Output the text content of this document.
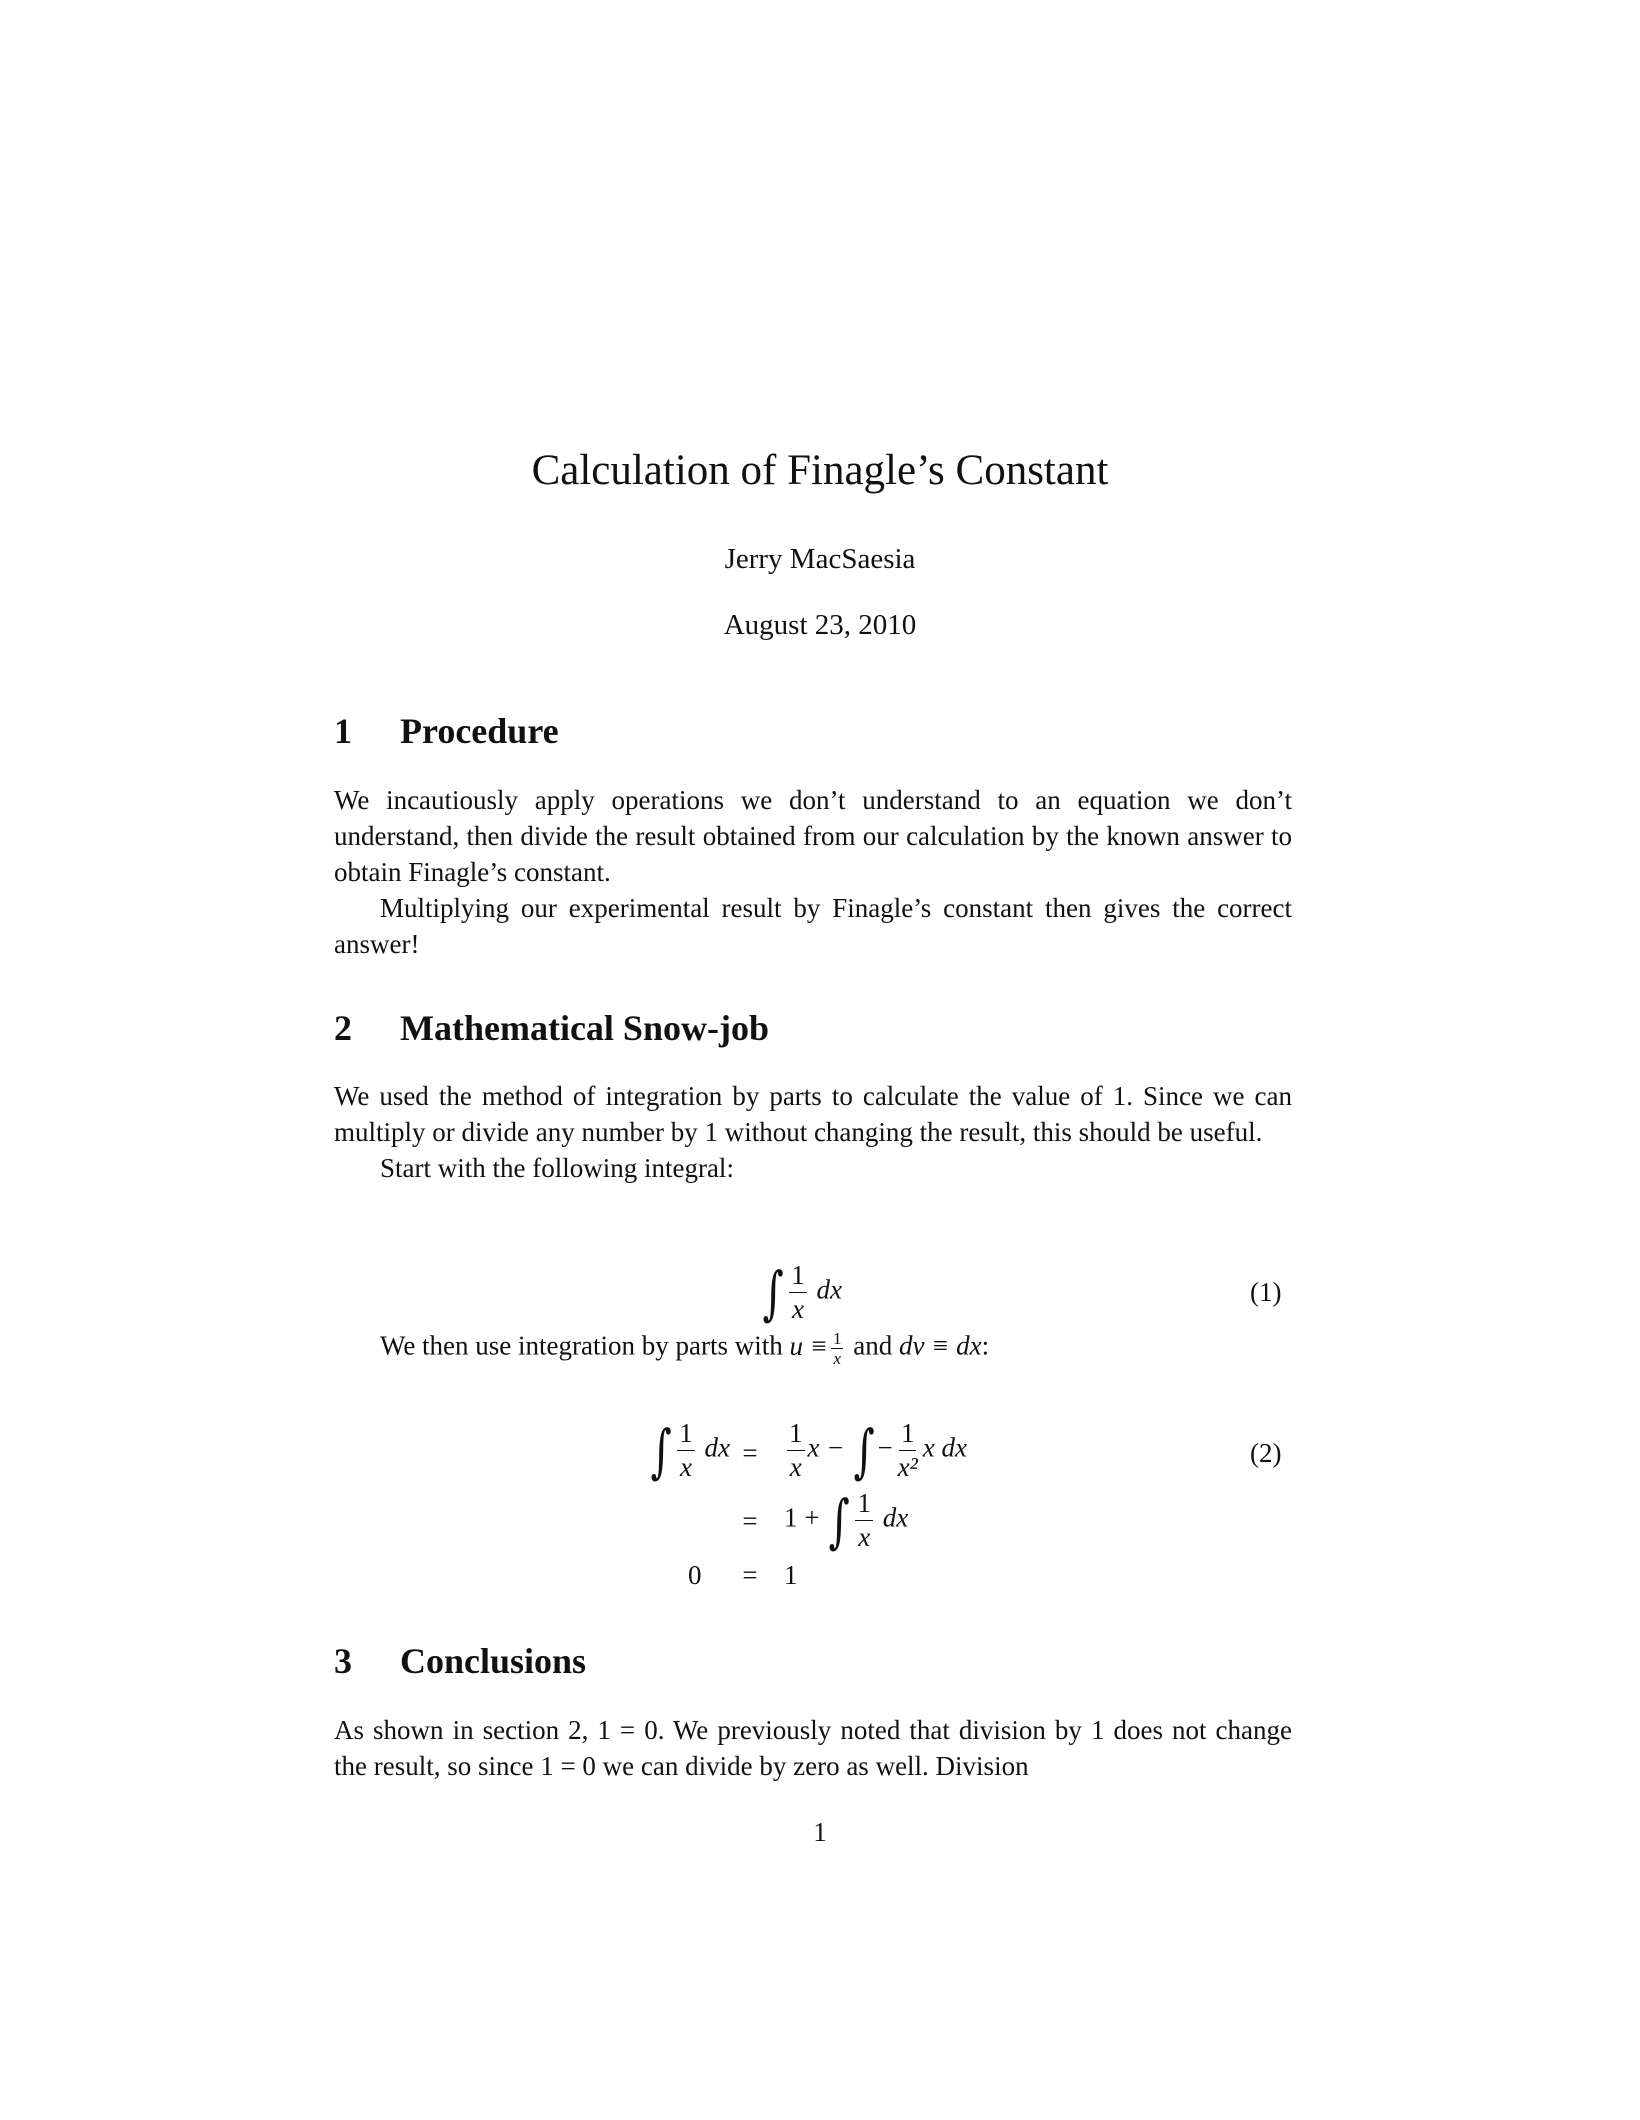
Calculation of Finagle’s Constant
Jerry MacSaesia
August 23, 2010
1 Procedure

We incautiously apply operations we don’t understand to an equation we don’t understand, then divide the result obtained from our calculation by the known answer to obtain Finagle’s constant.

Multiplying our experimental result by Finagle’s constant then gives the correct answer!

2 Mathematical Snow-job

We used the method of integration by parts to calculate the value of 1. Since we can multiply or divide any number by 1 without changing the result, this should be useful.

Start with the following integral:

∫ $\frac{1}{x}$ dx	(1)
We then use integration by parts with $u \equiv \frac{1}{x}$ and dv ≡ dx:
∫ $\frac{1}{x}$ dx =	$\frac{1}{x}$ x − ∫− $\frac{1}{\text{x²}}$ x dx
= 1 + ∫ $\frac{1}{x}$ dx
0	= 1
(2)
3 Conclusions

As shown in section 2, 1 = 0. We previously noted that division by 1 does not change the result, so since 1 = 0 we can divide by zero as well. Division

1
